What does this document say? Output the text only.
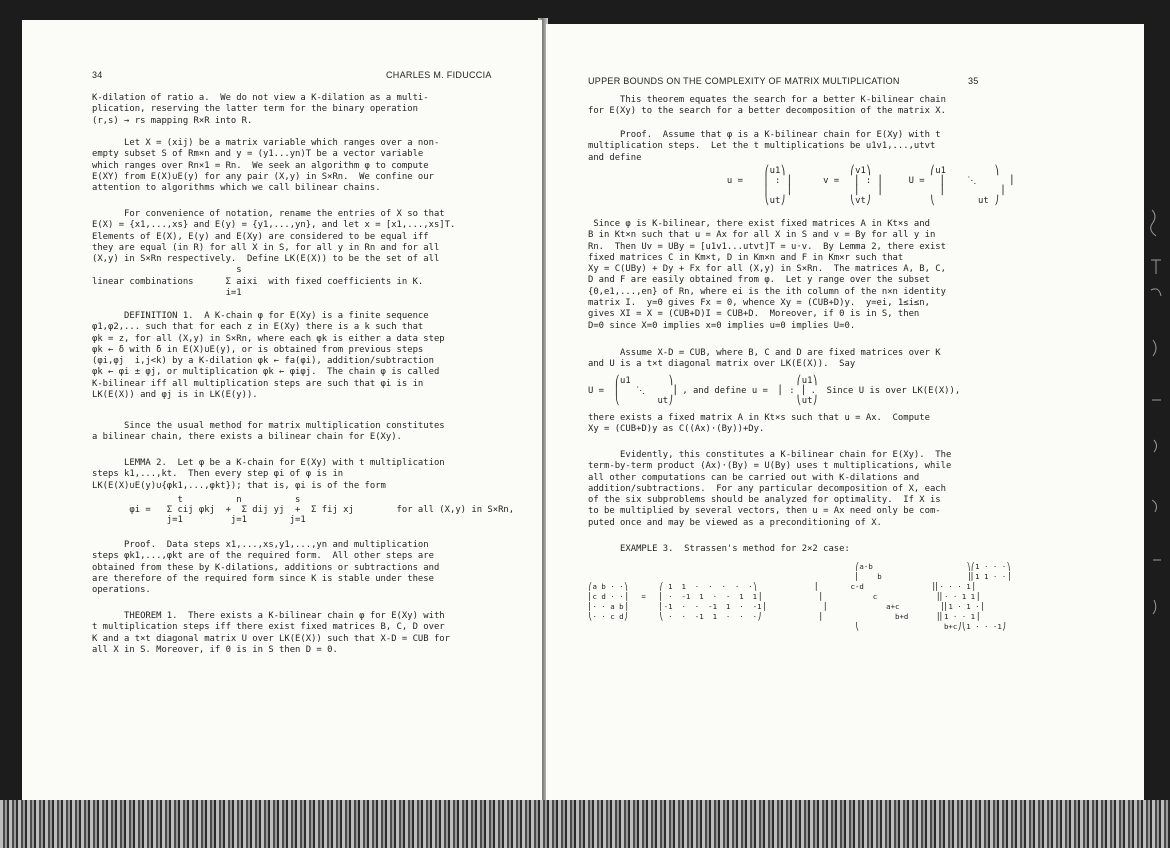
34	CHARLES M. FIDUCCIA
K-dilation of ratio a.  We do not view a K-dilation as a multi-
plication, reserving the latter term for the binary operation
(r,s) → rs mapping R×R into R.
Let X = (xij) be a matrix variable which ranges over a non-
empty subset S of Rm×n and y = (y1...yn)T be a vector variable
which ranges over Rn×1 = Rn.  We seek an algorithm φ to compute
E(XY) from E(X)∪E(y) for any pair (X,y) in S×Rn.  We confine our
attention to algorithms which we call bilinear chains.
For convenience of notation, rename the entries of X so that
E(X) = {x1,...,xs} and E(y) = {y1,...,yn}, and let x = [x1,...,xs]T.
Elements of E(X), E(y) and E(Xy) are considered to be equal iff
they are equal (in R) for all X in S, for all y in Rn and for all
(X,y) in S×Rn respectively.  Define LK(E(X)) to be the set of all
s
linear combinations      Σ aixi  with fixed coefficients in K.
i=1
DEFINITION 1.  A K-chain φ for E(Xy) is a finite sequence
φ1,φ2,... such that for each z in E(Xy) there is a k such that
φk = z, for all (X,y) in S×Rn, where each φk is either a data step
φk ← δ with δ in E(X)∪E(y), or is obtained from previous steps
(φi,φj  i,j<k) by a K-dilation φk ← fa(φi), addition/subtraction
φk ← φi ± φj, or multiplication φk ← φiφj.  The chain φ is called
K-bilinear iff all multiplication steps are such that φi is in
LK(E(X)) and φj is in LK(E(y)).
Since the usual method for matrix multiplication constitutes
a bilinear chain, there exists a bilinear chain for E(Xy).
LEMMA 2.  Let φ be a K-chain for E(Xy) with t multiplication
steps k1,...,kt.  Then every step φi of φ is in
LK(E(X)∪E(y)∪{φk1,...,φkt}); that is, φi is of the form
t          n          s
φi =   Σ cij φkj  +  Σ dij yj  +  Σ fij xj        for all (X,y) in S×Rn,
j=1         j=1        j=1
Proof.  Data steps x1,...,xs,y1,...,yn and multiplication
steps φk1,...,φkt are of the required form.  All other steps are
obtained from these by K-dilations, additions or subtractions and
are therefore of the required form since K is stable under these
operations.
THEOREM 1.  There exists a K-bilinear chain φ for E(Xy) with
t multiplication steps iff there exist fixed matrices B, C, D over
K and a t×t diagonal matrix U over LK(E(X)) such that X-D = CUB for
all X in S. Moreover, if 0 is in S then D = 0.
UPPER BOUNDS ON THE COMPLEXITY OF MATRIX MULTIPLICATION	35
This theorem equates the search for a better K-bilinear chain
for E(Xy) to the search for a better decomposition of the matrix X.
Proof.  Assume that φ is a K-bilinear chain for E(Xy) with t
multiplication steps.  Let the t multiplications be u1v1,...,utvt
and define
⎛u1⎞            ⎛v1⎞           ⎛u1         ⎞
u =    ⎜ : ⎟      v =   ⎜ : ⎟     U =   ⎜    ⋱      ⎟
⎜   ⎟            ⎜   ⎟           ⎜          ⎟
⎝ut⎠            ⎝vt⎠           ⎝        ut ⎠
Since φ is K-bilinear, there exist fixed matrices A in Kt×s and
B in Kt×n such that u = Ax for all X in S and v = By for all y in
Rn.  Then Uv = UBy = [u1v1...utvt]T = u·v.  By Lemma 2, there exist
fixed matrices C in Km×t, D in Km×n and F in Km×r such that
Xy = C(UBy) + Dy + Fx for all (X,y) in S×Rn.  The matrices A, B, C,
D and F are easily obtained from φ.  Let y range over the subset
{0,e1,...,en} of Rn, where ei is the ith column of the n×n identity
matrix I.  y=0 gives Fx = 0, whence Xy = (CUB+D)y.  y=ei, 1≤i≤n,
gives XI = X = (CUB+D)I = CUB+D.  Moreover, if 0 is in S, then
D=0 since X=0 implies x=0 implies u=0 implies U=0.
Assume X-D = CUB, where B, C and D are fixed matrices over K
and U is a t×t diagonal matrix over LK(E(X)).  Say
⎛u1       ⎞                       ⎛u1⎞
U =  ⎜   ⋱     ⎟ , and define u =  ⎜ : ⎟ .  Since U is over LK(E(X)),
⎝       ut⎠                       ⎝ut⎠
there exists a fixed matrix A in Kt×s such that u = Ax.  Compute
Xy = (CUB+D)y as C((Ax)·(By))+Dy.
Evidently, this constitutes a K-bilinear chain for E(Xy).  The
term-by-term product (Ax)·(By) = U(By) uses t multiplications, while
all other computations can be carried out with K-dilations and
addition/subtractions.  For any particular decomposition of X, each
of the six subproblems should be analyzed for optimality.  If X is
to be multiplied by several vectors, then u = Ax need only be com-
puted once and may be viewed as a preconditioning of X.
EXAMPLE 3.  Strassen's method for 2×2 case:
⎛a-b                     ⎞⎛1 · · ·⎞
⎜    b                   ⎟⎜1 1 · ·⎟
⎛a b · ·⎞       ⎛ 1  1  ·  ·  ·  ·  ·⎞             ⎜       c-d               ⎟⎜· · · 1⎟
⎜c d · ·⎟   =   ⎜ ·  -1  1  ·  ·  1  1⎟             ⎜           c             ⎟⎜· · 1 1⎟
⎜· · a b⎟       ⎜-1  ·  ·  -1  1  ·  -1⎟             ⎜             a+c         ⎟⎜1 · 1 ·⎟
⎝· · c d⎠       ⎝ ·  ·  -1  1  ·  ·  ·⎠             ⎜                b+d      ⎟⎜1 · · 1⎟
⎝                   b+c⎠⎝1 · · -1⎠
